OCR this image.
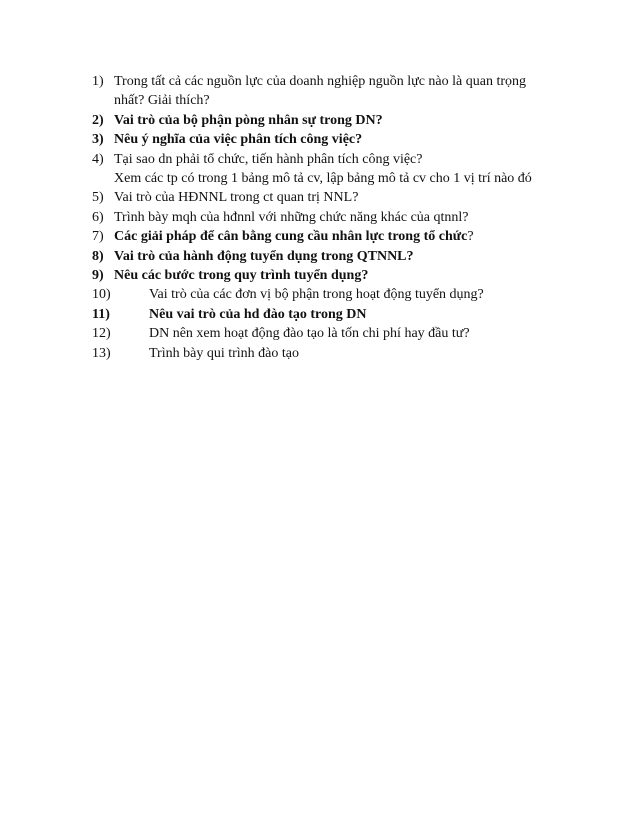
1) Trong tất cả các nguồn lực của doanh nghiệp nguồn lực nào là quan trọng
nhất? Giải thích?
2) Vai trò của bộ phận pòng nhân sự trong DN?
3) Nêu ý nghĩa của việc phân tích công việc?
4) Tại sao dn phải tổ chức, tiến hành phân tích công việc?
Xem các tp có trong 1 bảng mô tả cv, lập bảng mô tả cv cho 1 vị trí nào đó
5) Vai trò của HĐNNL trong ct quan trị NNL?
6) Trình bày mqh của hđnnl với những chức năng khác của qtnnl?
7) Các giải pháp để cân bằng cung cầu nhân lực trong tổ chức?
8) Vai trò của hành động tuyển dụng trong QTNNL?
9) Nêu các bước trong quy trình tuyển dụng?
10)	Vai trò của các đơn vị bộ phận trong hoạt động tuyển dụng?
11)	Nêu vai trò của hd đào tạo trong DN
12)	DN nên xem hoạt động đào tạo là tốn chi phí hay đầu tư?
13)	Trình bày qui trình đào tạo
